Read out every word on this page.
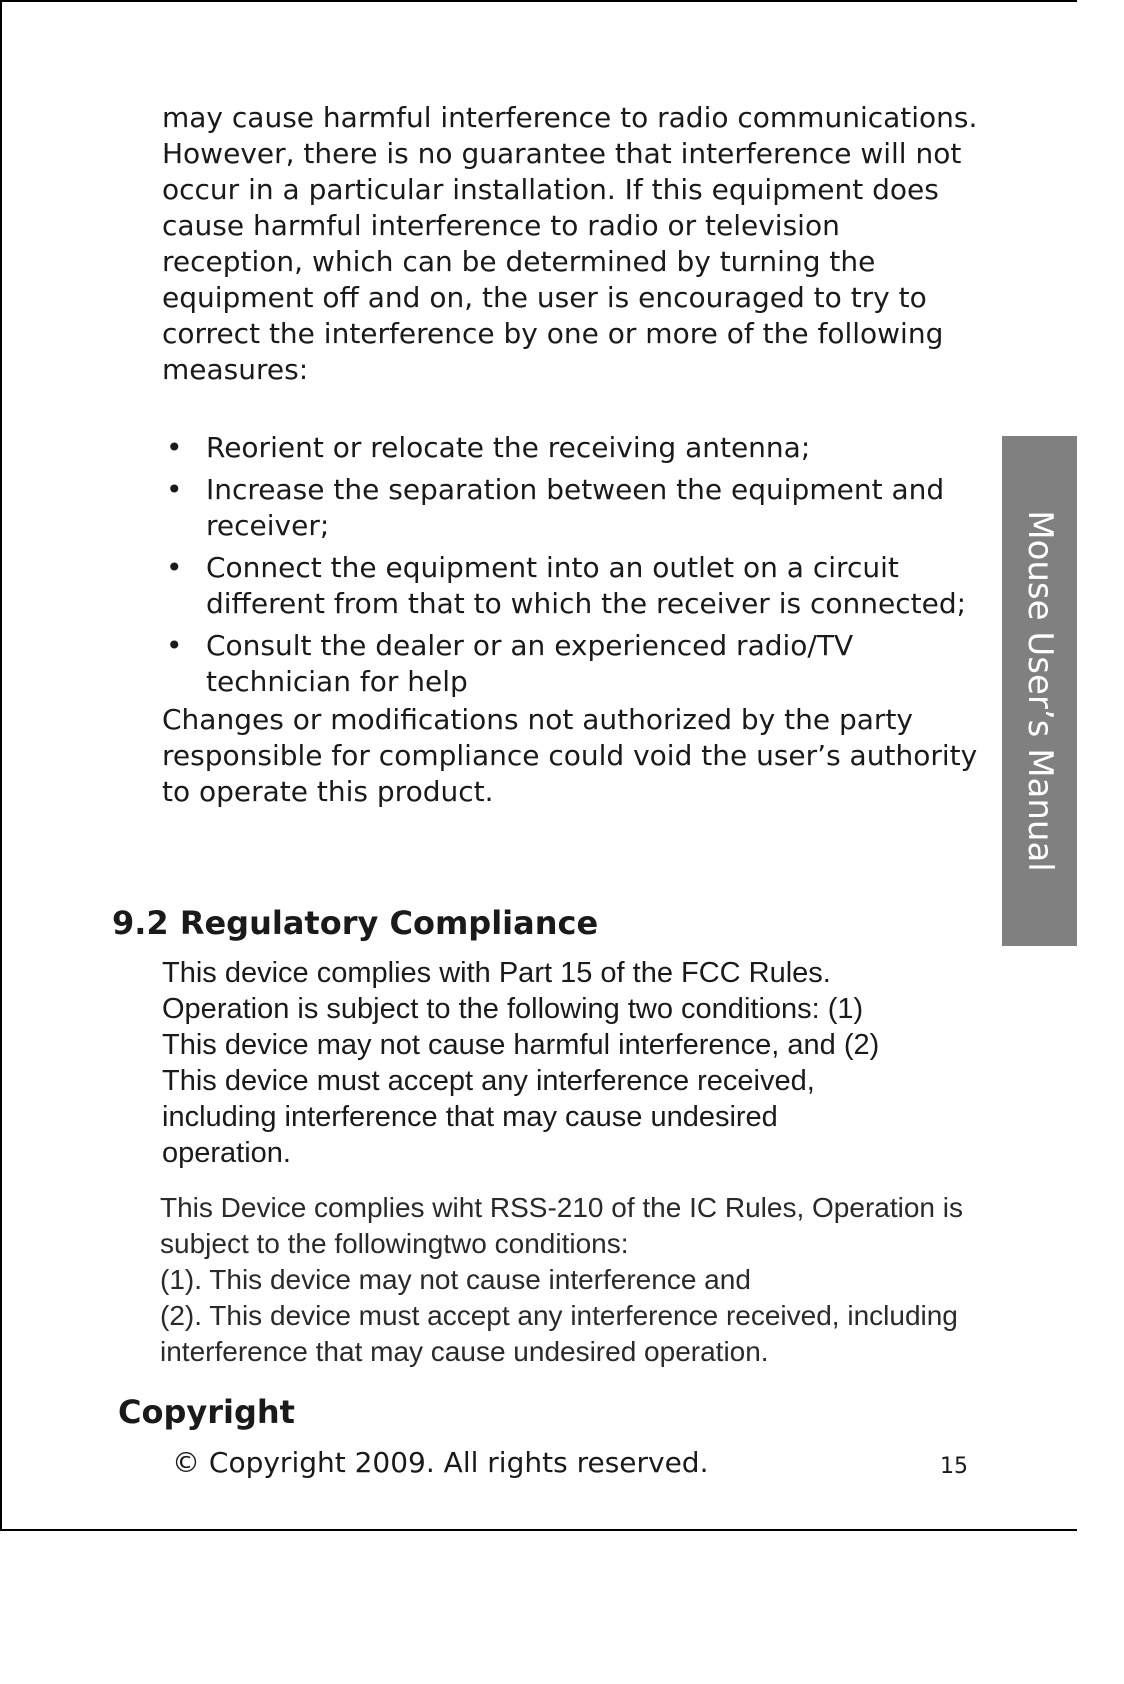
may cause harmful interference to radio communications.
However, there is no guarantee that interference will not
occur in a particular installation. If this equipment does
cause harmful interference to radio or television
reception, which can be determined by turning the
equipment off and on, the user is encouraged to try to
correct the interference by one or more of the following
measures:

• Reorient or relocate the receiving antenna;
• Increase the separation between the equipment and
receiver;
• Connect the equipment into an outlet on a circuit
different from that to which the receiver is connected;
• Consult the dealer or an experienced radio/TV
technician for help

Changes or modifications not authorized by the party
responsible for compliance could void the user’s authority
to operate this product.

9.2 Regulatory Compliance

This device complies with Part 15 of the FCC Rules.
Operation is subject to the following two conditions: (1)
This device may not cause harmful interference, and (2)
This device must accept any interference received,
including interference that may cause undesired
operation.

This Device complies wiht RSS-210 of the IC Rules, Operation is
subject to the followingtwo conditions:
(1). This device may not cause interference and
(2). This device must accept any interference received, including
interference that may cause undesired operation.

Copyright

© Copyright 2009. All rights reserved.	15

Mouse User’s Manual
